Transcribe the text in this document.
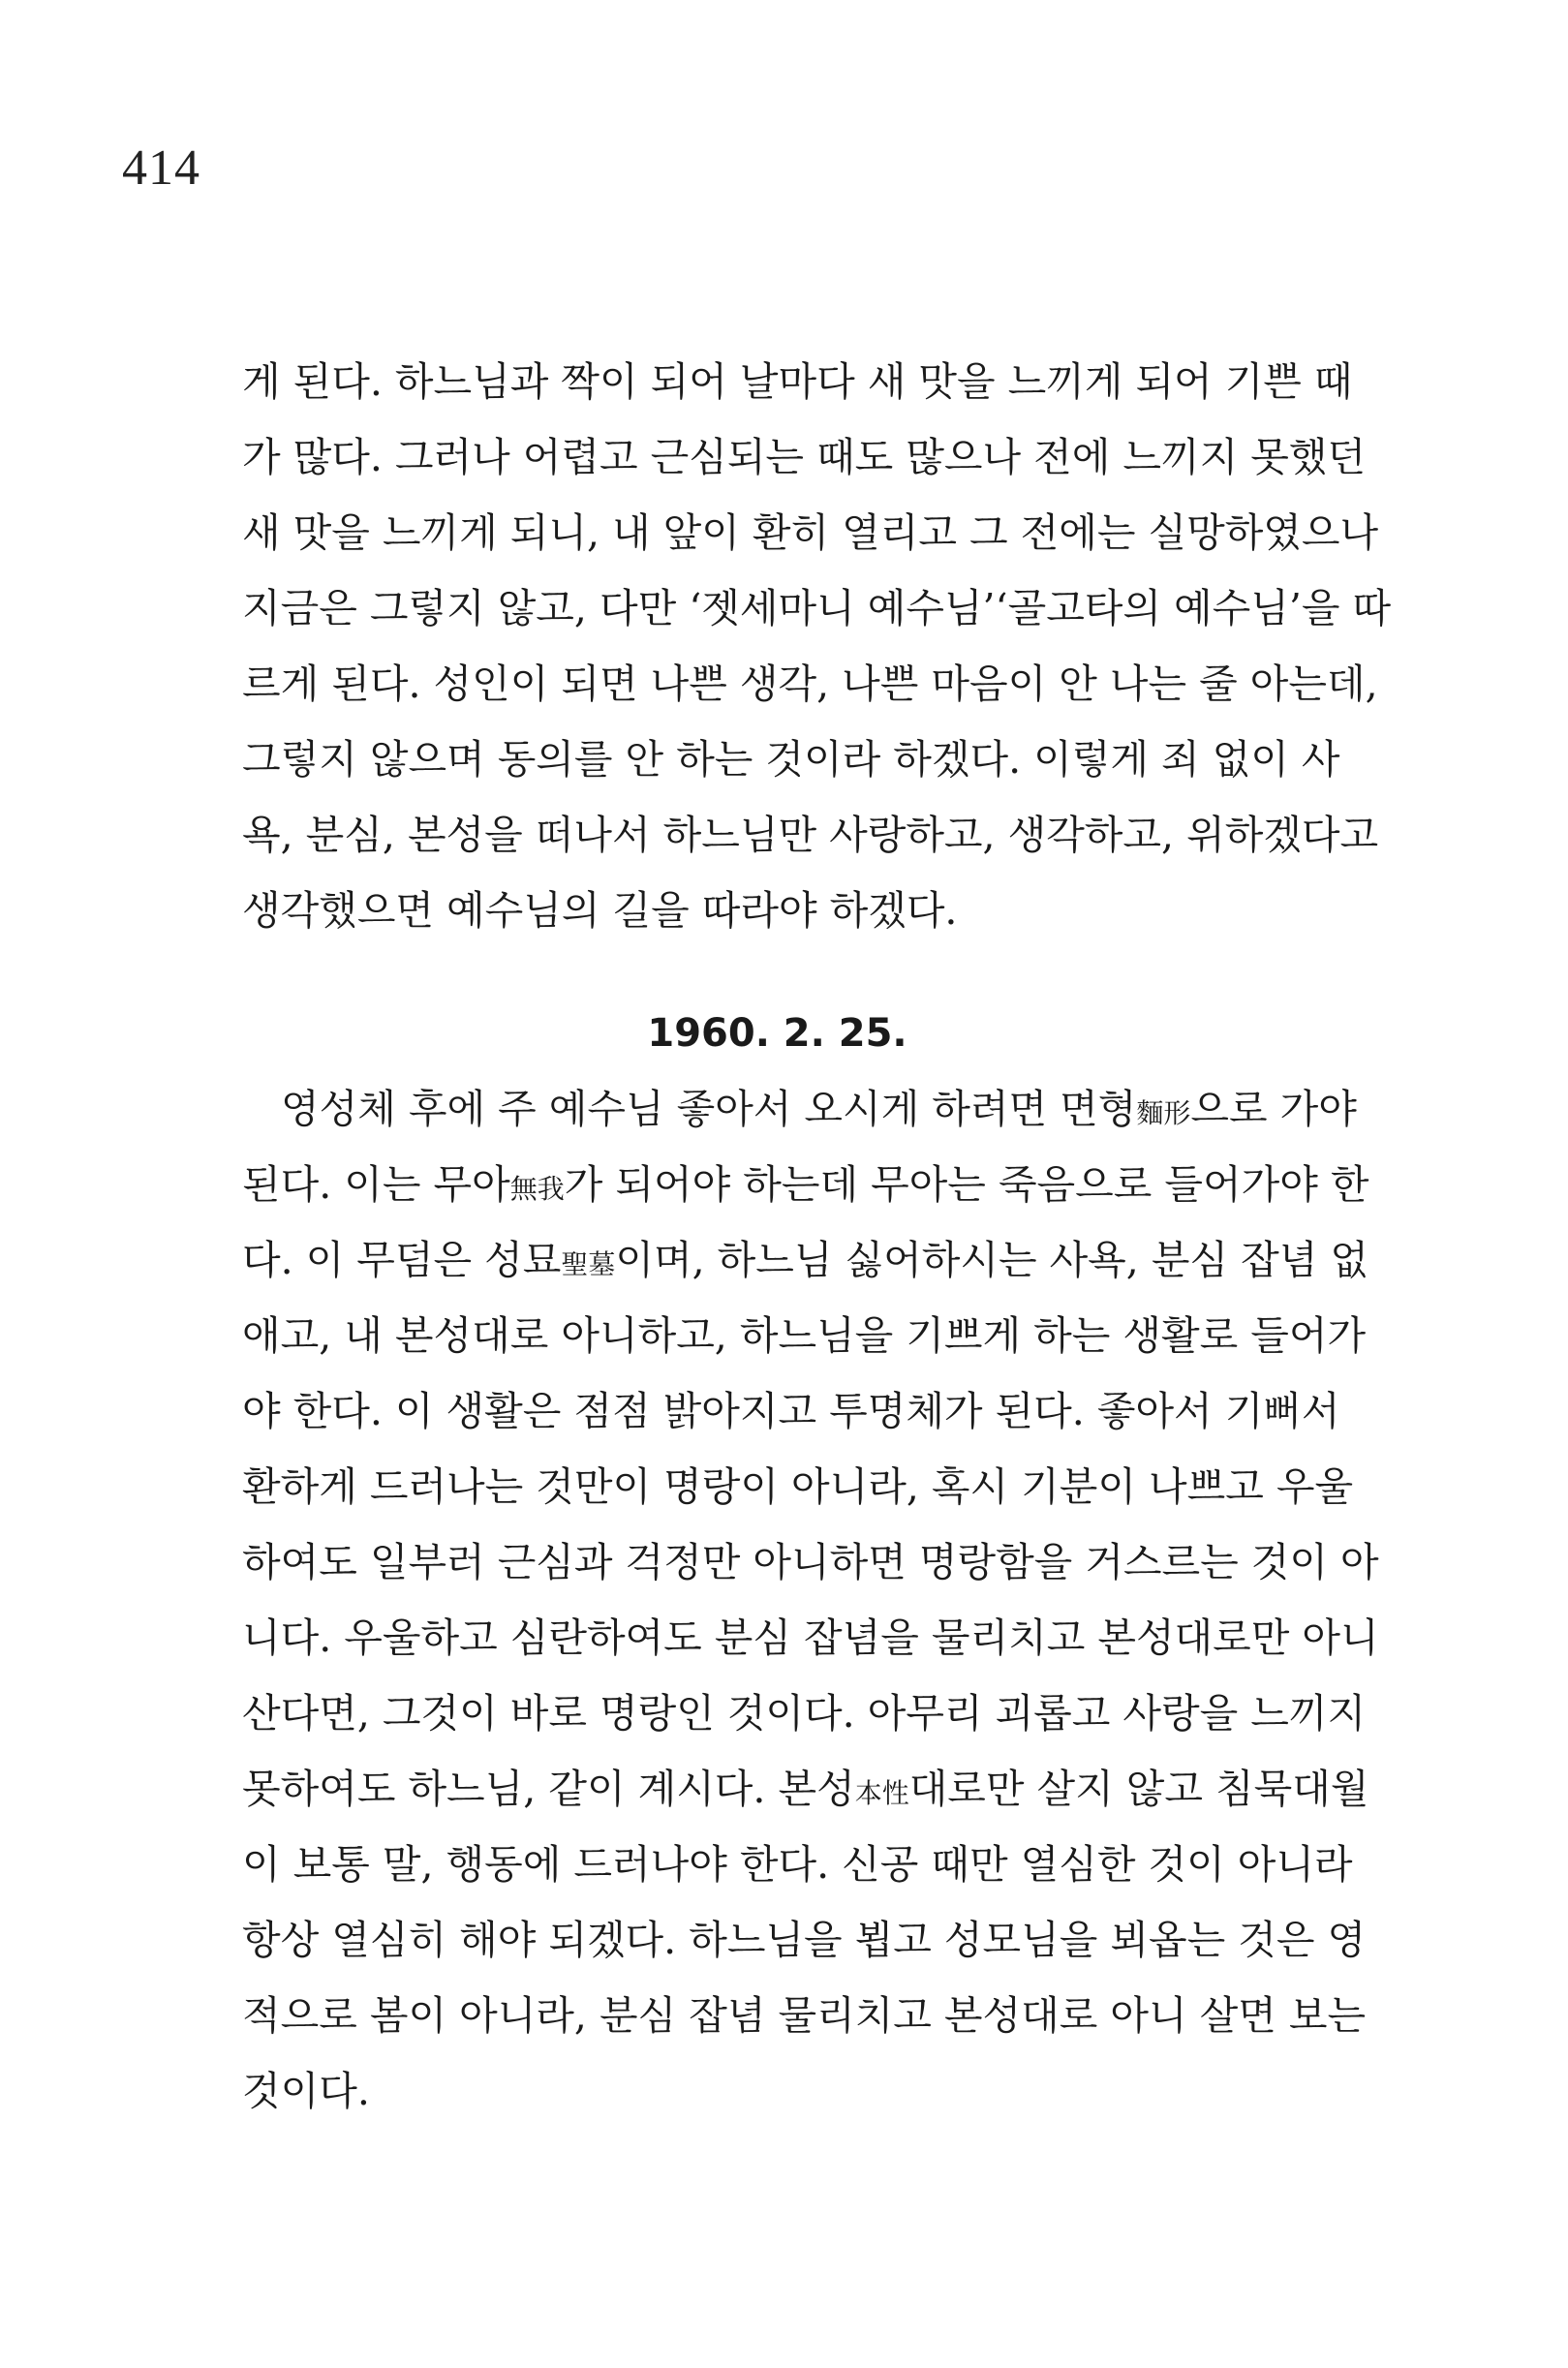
414
게 된다. 하느님과 짝이 되어 날마다 새 맛을 느끼게 되어 기쁜 때
가 많다. 그러나 어렵고 근심되는 때도 많으나 전에 느끼지 못했던
새 맛을 느끼게 되니, 내 앞이 환히 열리고 그 전에는 실망하였으나
지금은 그렇지 않고, 다만 ‘젯세마니 예수님’‘골고타의 예수님’을 따
르게 된다. 성인이 되면 나쁜 생각, 나쁜 마음이 안 나는 줄 아는데,
그렇지 않으며 동의를 안 하는 것이라 하겠다. 이렇게 죄 없이 사
욕, 분심, 본성을 떠나서 하느님만 사랑하고, 생각하고, 위하겠다고
생각했으면 예수님의 길을 따라야 하겠다.
1960. 2. 25.
영성체 후에 주 예수님 좋아서 오시게 하려면 면형麵形으로 가야
된다. 이는 무아無我가 되어야 하는데 무아는 죽음으로 들어가야 한
다. 이 무덤은 성묘聖墓이며, 하느님 싫어하시는 사욕, 분심 잡념 없
애고, 내 본성대로 아니하고, 하느님을 기쁘게 하는 생활로 들어가
야 한다. 이 생활은 점점 밝아지고 투명체가 된다. 좋아서 기뻐서
환하게 드러나는 것만이 명랑이 아니라, 혹시 기분이 나쁘고 우울
하여도 일부러 근심과 걱정만 아니하면 명랑함을 거스르는 것이 아
니다. 우울하고 심란하여도 분심 잡념을 물리치고 본성대로만 아니
산다면, 그것이 바로 명랑인 것이다. 아무리 괴롭고 사랑을 느끼지
못하여도 하느님, 같이 계시다. 본성本性대로만 살지 않고 침묵대월
이 보통 말, 행동에 드러나야 한다. 신공 때만 열심한 것이 아니라
항상 열심히 해야 되겠다. 하느님을 뵙고 성모님을 뵈옵는 것은 영
적으로 봄이 아니라, 분심 잡념 물리치고 본성대로 아니 살면 보는
것이다.
